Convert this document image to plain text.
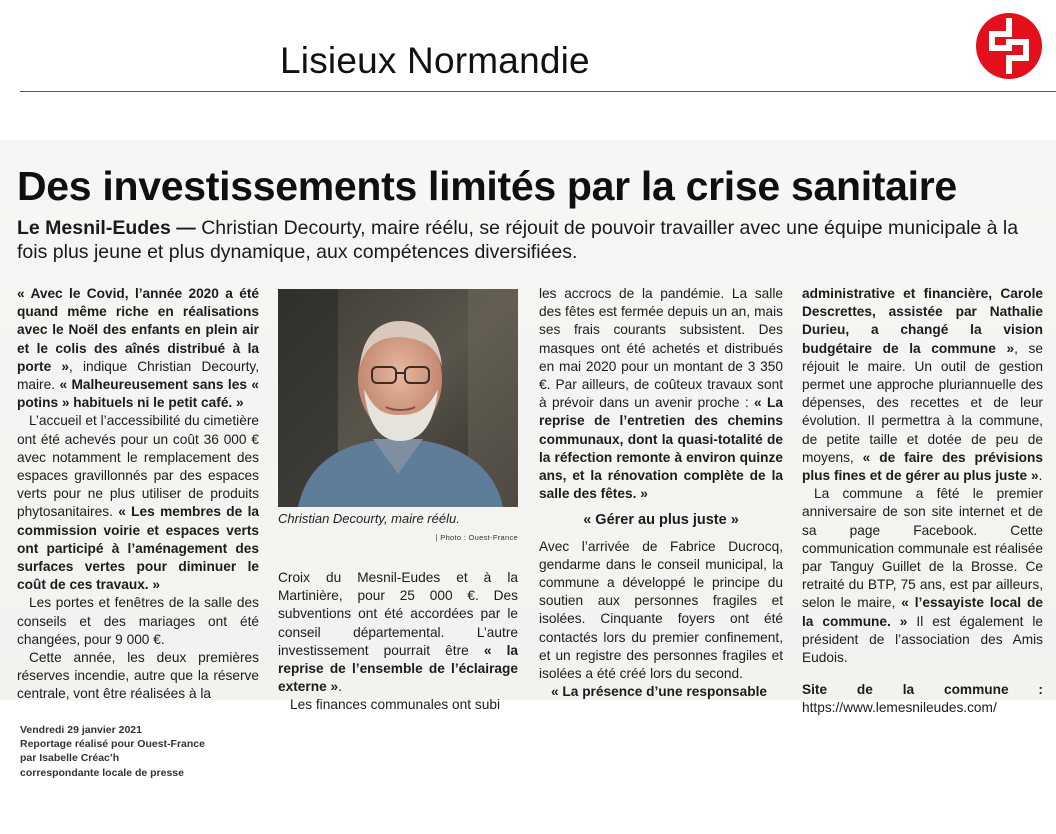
Lisieux Normandie
Des investissements limités par la crise sanitaire
Le Mesnil-Eudes — Christian Decourty, maire réélu, se réjouit de pouvoir travailler avec une équipe municipale à la fois plus jeune et plus dynamique, aux compétences diversifiées.

« Avec le Covid, l’année 2020 a été quand même riche en réalisations avec le Noël des enfants en plein air et le colis des aînés distribué à la porte », indique Christian Decourty, maire. « Malheureusement sans les « potins » habituels ni le petit café. »

L’accueil et l’accessibilité du cimetière ont été achevés pour un coût 36 000 € avec notamment le remplacement des espaces gravillonnés par des espaces verts pour ne plus utiliser de produits phytosanitaires. « Les membres de la commission voirie et espaces verts ont participé à l’aménagement des surfaces vertes pour diminuer le coût de ces travaux. »

Les portes et fenêtres de la salle des conseils et des mariages ont été changées, pour 9 000 €.

Cette année, les deux premières réserves incendie, autre que la réserve centrale, vont être réalisées à la

Christian Decourty, maire réélu.
| Photo : Ouest-France

Croix du Mesnil-Eudes et à la Martinière, pour 25 000 €. Des subventions ont été accordées par le conseil départemental. L’autre investissement pourrait être « la reprise de l’ensemble de l’éclairage externe ».

Les finances communales ont subi

les accrocs de la pandémie. La salle des fêtes est fermée depuis un an, mais ses frais courants subsistent. Des masques ont été achetés et distribués en mai 2020 pour un montant de 3 350 €. Par ailleurs, de coûteux travaux sont à prévoir dans un avenir proche : « La reprise de l’entretien des chemins communaux, dont la quasi-totalité de la réfection remonte à environ quinze ans, et la rénovation complète de la salle des fêtes. »

« Gérer au plus juste »

Avec l’arrivée de Fabrice Ducrocq, gendarme dans le conseil municipal, la commune a développé le principe du soutien aux personnes fragiles et isolées. Cinquante foyers ont été contactés lors du premier confinement, et un registre des personnes fragiles et isolées a été créé lors du second.

« La présence d’une responsable

administrative et financière, Carole Descrettes, assistée par Nathalie Durieu, a changé la vision budgétaire de la commune », se réjouit le maire. Un outil de gestion permet une approche pluriannuelle des dépenses, des recettes et de leur évolution. Il permettra à la commune, de petite taille et dotée de peu de moyens, « de faire des prévisions plus fines et de gérer au plus juste ».

La commune a fêté le premier anniversaire de son site internet et de sa page Facebook. Cette communication communale est réalisée par Tanguy Guillet de la Brosse. Ce retraité du BTP, 75 ans, est par ailleurs, selon le maire, « l’essayiste local de la commune. » Il est également le président de l’association des Amis Eudois.

Site de la commune : https://www.lemesnileudes.com/

Vendredi 29 janvier 2021
Reportage réalisé pour Ouest-France
par Isabelle Créac’h
correspondante locale de presse
